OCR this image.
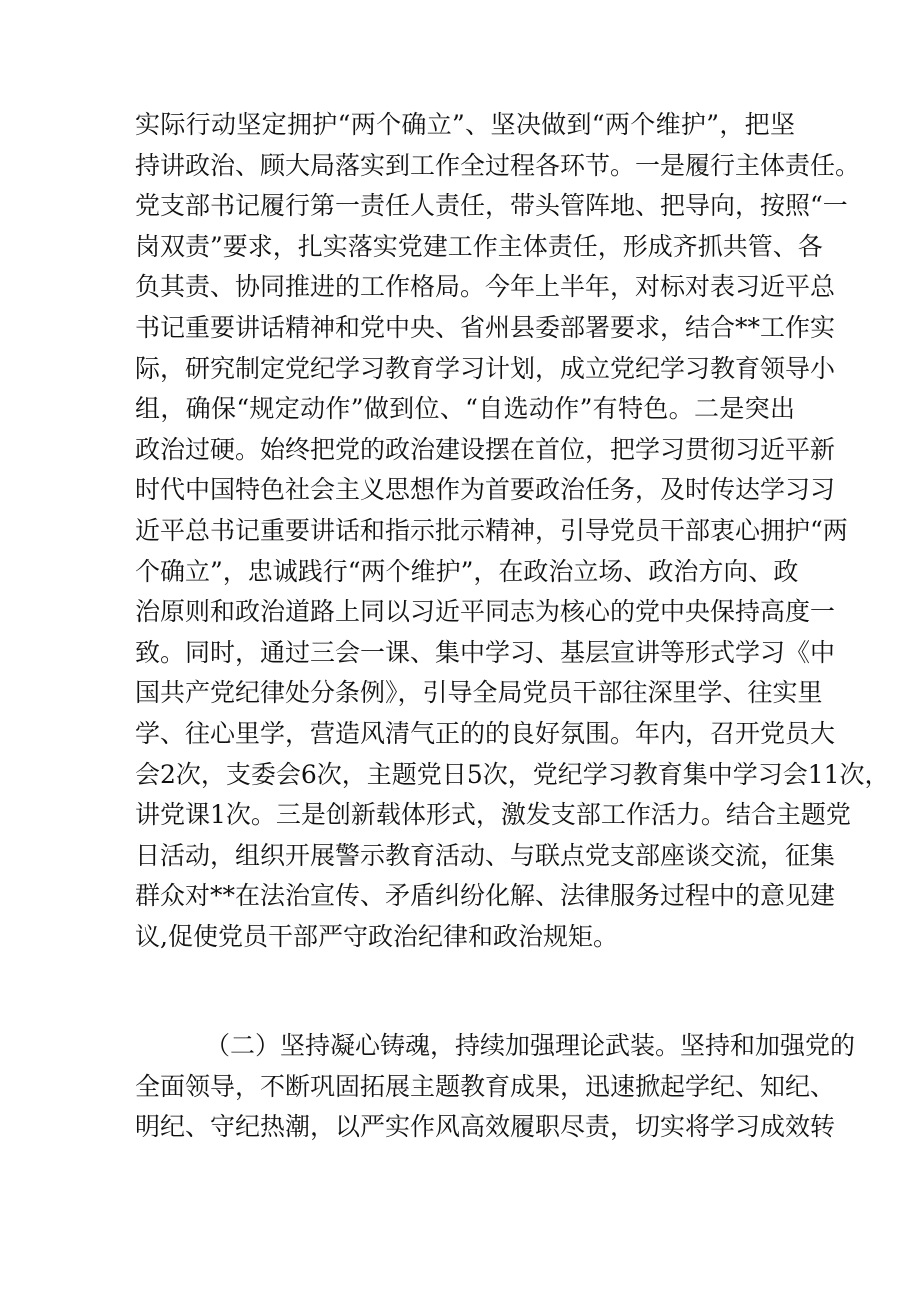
实际行动坚定拥护“两个确立”、坚决做到“两个维护”，把坚
持讲政治、顾大局落实到工作全过程各环节。一是履行主体责任。
党支部书记履行第一责任人责任，带头管阵地、把导向，按照“一
岗双责”要求，扎实落实党建工作主体责任，形成齐抓共管、各
负其责、协同推进的工作格局。今年上半年，对标对表习近平总
书记重要讲话精神和党中央、省州县委部署要求，结合**工作实
际，研究制定党纪学习教育学习计划，成立党纪学习教育领导小
组，确保“规定动作”做到位、“自选动作”有特色。二是突出
政治过硬。始终把党的政治建设摆在首位，把学习贯彻习近平新
时代中国特色社会主义思想作为首要政治任务，及时传达学习习
近平总书记重要讲话和指示批示精神，引导党员干部衷心拥护“两
个确立”，忠诚践行“两个维护”，在政治立场、政治方向、政
治原则和政治道路上同以习近平同志为核心的党中央保持高度一
致。同时，通过三会一课、集中学习、基层宣讲等形式学习《中
国共产党纪律处分条例》，引导全局党员干部往深里学、往实里
学、往心里学，营造风清气正的的良好氛围。年内，召开党员大
会2次，支委会6次，主题党日5次，党纪学习教育集中学习会11次，
讲党课1次。三是创新载体形式，激发支部工作活力。结合主题党
日活动，组织开展警示教育活动、与联点党支部座谈交流，征集
群众对**在法治宣传、矛盾纠纷化解、法律服务过程中的意见建
议,促使党员干部严守政治纪律和政治规矩。
（二）坚持凝心铸魂，持续加强理论武装。坚持和加强党的
全面领导，不断巩固拓展主题教育成果，迅速掀起学纪、知纪、
明纪、守纪热潮，以严实作风高效履职尽责，切实将学习成效转
